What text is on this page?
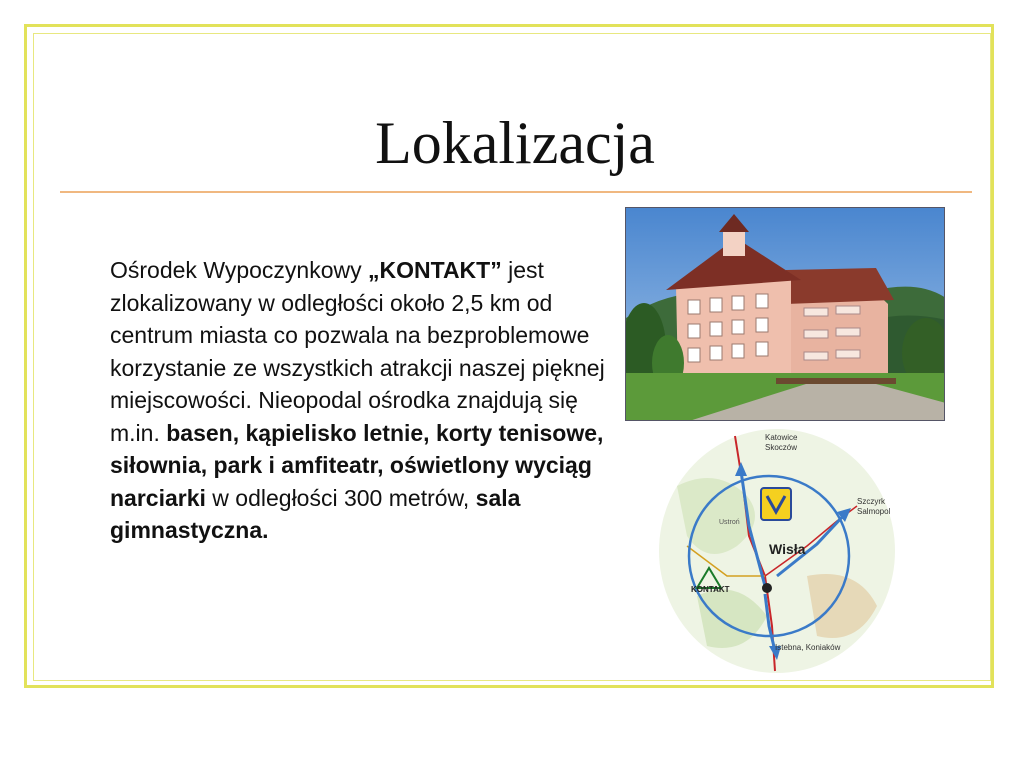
Lokalizacja
Ośrodek Wypoczynkowy „KONTAKT” jest zlokalizowany w odległości około 2,5 km od centrum miasta co pozwala na bezproblemowe korzystanie ze wszystkich atrakcji naszej pięknej miejscowości. Nieopodal ośrodka znajdują się m.in. basen, kąpielisko letnie, korty tenisowe, siłownia, park i amfiteatr, oświetlony wyciąg narciarki w odległości 300 metrów, sala gimnastyczna.
Katowice
Skoczów
Szczyrk
Salmopol
Wisła
KONTAKT
Istebna, Koniaków
Ustroń
